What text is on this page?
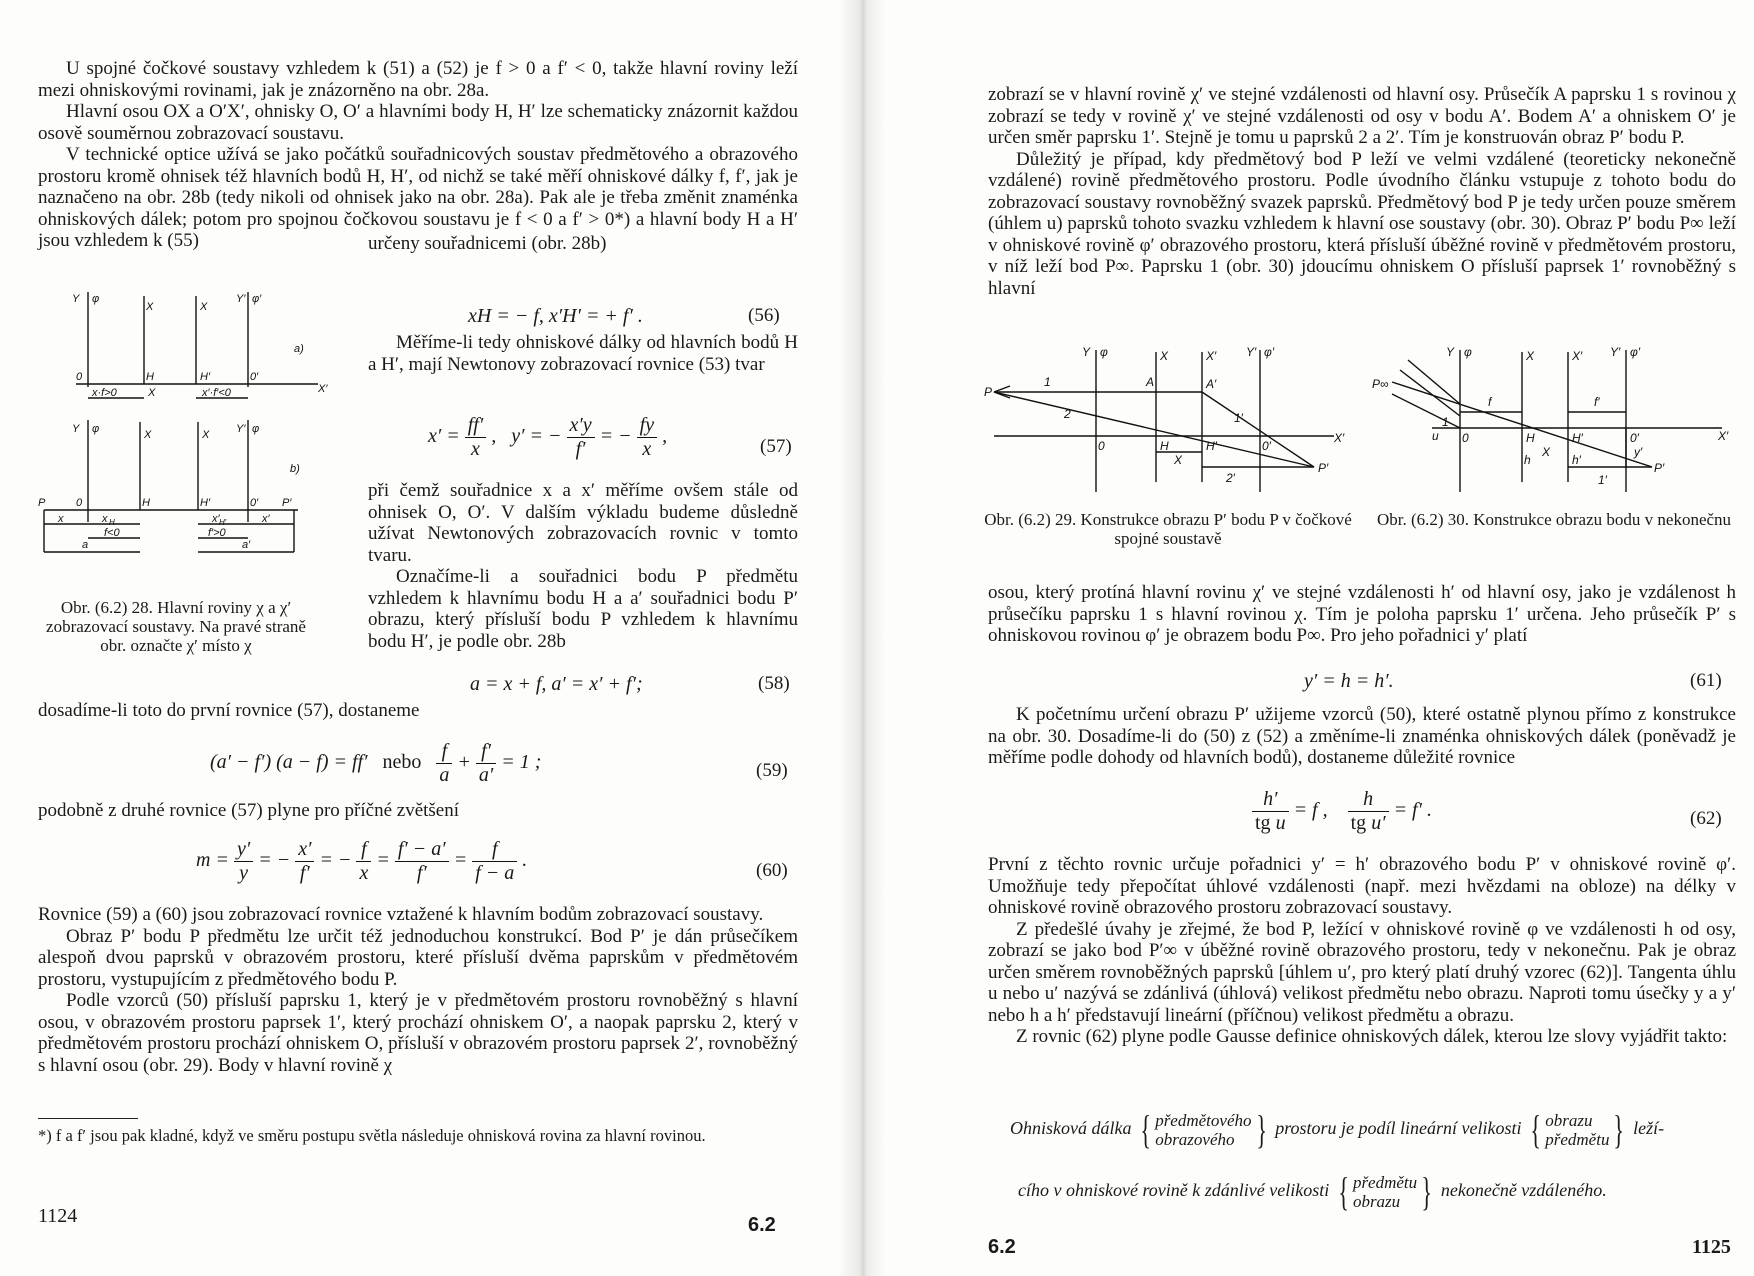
U spojné čočkové soustavy vzhledem k (51) a (52) je f > 0 a f′ < 0, takže hlavní roviny leží mezi ohniskovými rovinami, jak je znázorněno na obr. 28a.

Hlavní osou OX a O′X′, ohnisky O, O′ a hlavními body H, H′ lze schematicky znázornit každou osově souměrnou zobrazovací soustavu.

V technické optice užívá se jako počátků souřadnicových soustav předmětového a obrazového prostoru kromě ohnisek též hlavních bodů H, H′, od nichž se také měří ohniskové dálky f, f′, jak je naznačeno na obr. 28b (tedy nikoli od ohnisek jako na obr. 28a). Pak ale je třeba změnit znaménka ohniskových dálek; potom pro spojnou čočkovou soustavu je f < 0 a f′ > 0*) a hlavní body H a H′ jsou vzhledem k (55)	určeny souřadnicemi (obr. 28b)
Y φ
X	X
Y′ φ′
a)
0	H	H′	0′
X′
x·f>0	X	x′·f′<0
Y φ	X	X Y′ φ
b)
P	0	H	H′	0′ P′
x	x H
f<0
x′ H′	x′
f′>0
a	a′
Obr. (6.2) 28. Hlavní roviny χ a χ′ zobrazovací soustavy. Na pravé straně obr. označte χ′ místo χ
xH = − f, x′H′ = + f′ .	(56)

Měříme-li tedy ohniskové dálky od hlavních bodů H a H′, mají Newtonovy zobrazovací rovnice (53) tvar

$x' = \frac{ff'}{x}$ ,   y′ = − $\frac{x'y}{f'}$ = − $\frac{fy}{x}$ ,	(57)

při čemž souřadnice x a x′ měříme ovšem stále od ohnisek O, O′. V dalším výkladu budeme důsledně užívat Newtonových zobrazovacích rovnic v tomto tvaru.

Označíme-li a souřadnici bodu P předmětu vzhledem k hlavnímu bodu H a a′ souřadnici bodu P′ obrazu, který přísluší bodu P vzhledem k hlavnímu bodu H′, je podle obr. 28b

a = x + f, a′ = x′ + f′;	(58)
dosadíme-li toto do první rovnice (57), dostaneme
(a′ − f′) (a − f) = ff′   nebo $\frac{f}{a} + \frac{f'}{a'} = 1$ ;	(59)
podobně z druhé rovnice (57) plyne pro příčné zvětšení
$m = \frac{y'}{y}$ = − $\frac{x'}{f'}$ = − $\frac{f}{x} = \frac{f' - a'}{f'} = \frac{f}{f - a}$ .	(60)

Rovnice (59) a (60) jsou zobrazovací rovnice vztažené k hlavním bodům zobrazovací soustavy.

Obraz P′ bodu P předmětu lze určit též jednoduchou konstrukcí. Bod P′ je dán průsečíkem alespoň dvou paprsků v obrazovém prostoru, které přísluší dvěma paprskům v předmětovém prostoru, vystupujícím z předmětového bodu P.

Podle vzorců (50) přísluší paprsku 1, který je v předmětovém prostoru rovnoběžný s hlavní osou, v obrazovém prostoru paprsek 1′, který prochází ohniskem O′, a naopak paprsku 2, který v předmětovém prostoru prochází ohniskem O, přísluší v obrazovém prostoru paprsek 2′, rovnoběžný s hlavní osou (obr. 29). Body v hlavní rovině χ

*) f a f′ jsou pak kladné, když ve směru postupu světla následuje ohnisková rovina za hlavní rovinou.
1124	6.2

zobrazí se v hlavní rovině χ′ ve stejné vzdálenosti od hlavní osy. Průsečík A paprsku 1 s rovinou χ zobrazí se tedy v rovině χ′ ve stejné vzdálenosti od osy v bodu A′. Bodem A′ a ohniskem O′ je určen směr paprsku 1′. Stejně je tomu u paprsků 2 a 2′. Tím je konstruován obraz P′ bodu P.

Důležitý je případ, kdy předmětový bod P leží ve velmi vzdálené (teoreticky nekonečně vzdálené) rovině předmětového prostoru. Podle úvodního článku vstupuje z tohoto bodu do zobrazovací soustavy rovnoběžný svazek paprsků. Předmětový bod P je tedy určen pouze směrem (úhlem u) paprsků tohoto svazku vzhledem k hlavní ose soustavy (obr. 30). Obraz P′ bodu P∞ leží v ohniskové rovině φ′ obrazového prostoru, která přísluší úběžné rovině v předmětovém prostoru, v níž leží bod P∞. Paprsku 1 (obr. 30) jdoucímu ohniskem O přísluší paprsek 1′ rovnoběžný s hlavní

Y φ	X	X′ Y′ φ′
P
1
2
A	A′
1′
0	H	H′	0′
X
X′
2′
P′
Obr. (6.2) 29. Konstrukce obrazu P′ bodu P v čočkové spojné soustavě
Y φ	X	X′ Y′ φ′
P∞
1
u
f	f′
0	H	H′	0′
X
h	h′
y′
P′
1′
X′
Obr. (6.2) 30. Konstrukce obrazu bodu v nekonečnu
osou, který protíná hlavní rovinu χ′ ve stejné vzdálenosti h′ od hlavní osy, jako je vzdálenost h průsečíku paprsku 1 s hlavní rovinou χ. Tím je poloha paprsku 1′ určena. Jeho průsečík P′ s ohniskovou rovinou φ′ je obrazem bodu P∞. Pro jeho pořadnici y′ platí
y′ = h = h′.	(61)

K početnímu určení obrazu P′ užijeme vzorců (50), které ostatně plynou přímo z konstrukce na obr. 30. Dosadíme-li do (50) z (52) a změníme-li znaménka ohniskových dálek (poněvadž je měříme podle dohody od hlavních bodů), dostaneme důležité rovnice

$\frac{h'}{\text{tg u}} = f$ , $\frac{h}{\text{tg u′}} = f'$ .	(62)

První z těchto rovnic určuje pořadnici y′ = h′ obrazového bodu P′ v ohniskové rovině φ′. Umožňuje tedy přepočítat úhlové vzdálenosti (např. mezi hvězdami na obloze) na délky v ohniskové rovině obrazového prostoru zobrazovací soustavy.

Z předešlé úvahy je zřejmé, že bod P, ležící v ohniskové rovině φ ve vzdálenosti h od osy, zobrazí se jako bod P′∞ v úběžné rovině obrazového prostoru, tedy v nekonečnu. Pak je obraz určen směrem rovnoběžných paprsků [úhlem u′, pro který platí druhý vzorec (62)]. Tangenta úhlu u nebo u′ nazývá se zdánlivá (úhlová) velikost předmětu nebo obrazu. Naproti tomu úsečky y a y′ nebo h a h′ představují lineární (příčnou) velikost předmětu a obrazu.

Z rovnic (62) plyne podle Gausse definice ohniskových dálek, kterou lze slovy vyjádřit takto:

Ohnisková dálka { předmětového
obrazového } prostoru je podíl lineární velikosti { obrazu
předmětu } leží-
cího v ohniskové rovině k zdánlivé velikosti { předmětu
obrazu } nekonečně vzdáleného.
6.2	1125
